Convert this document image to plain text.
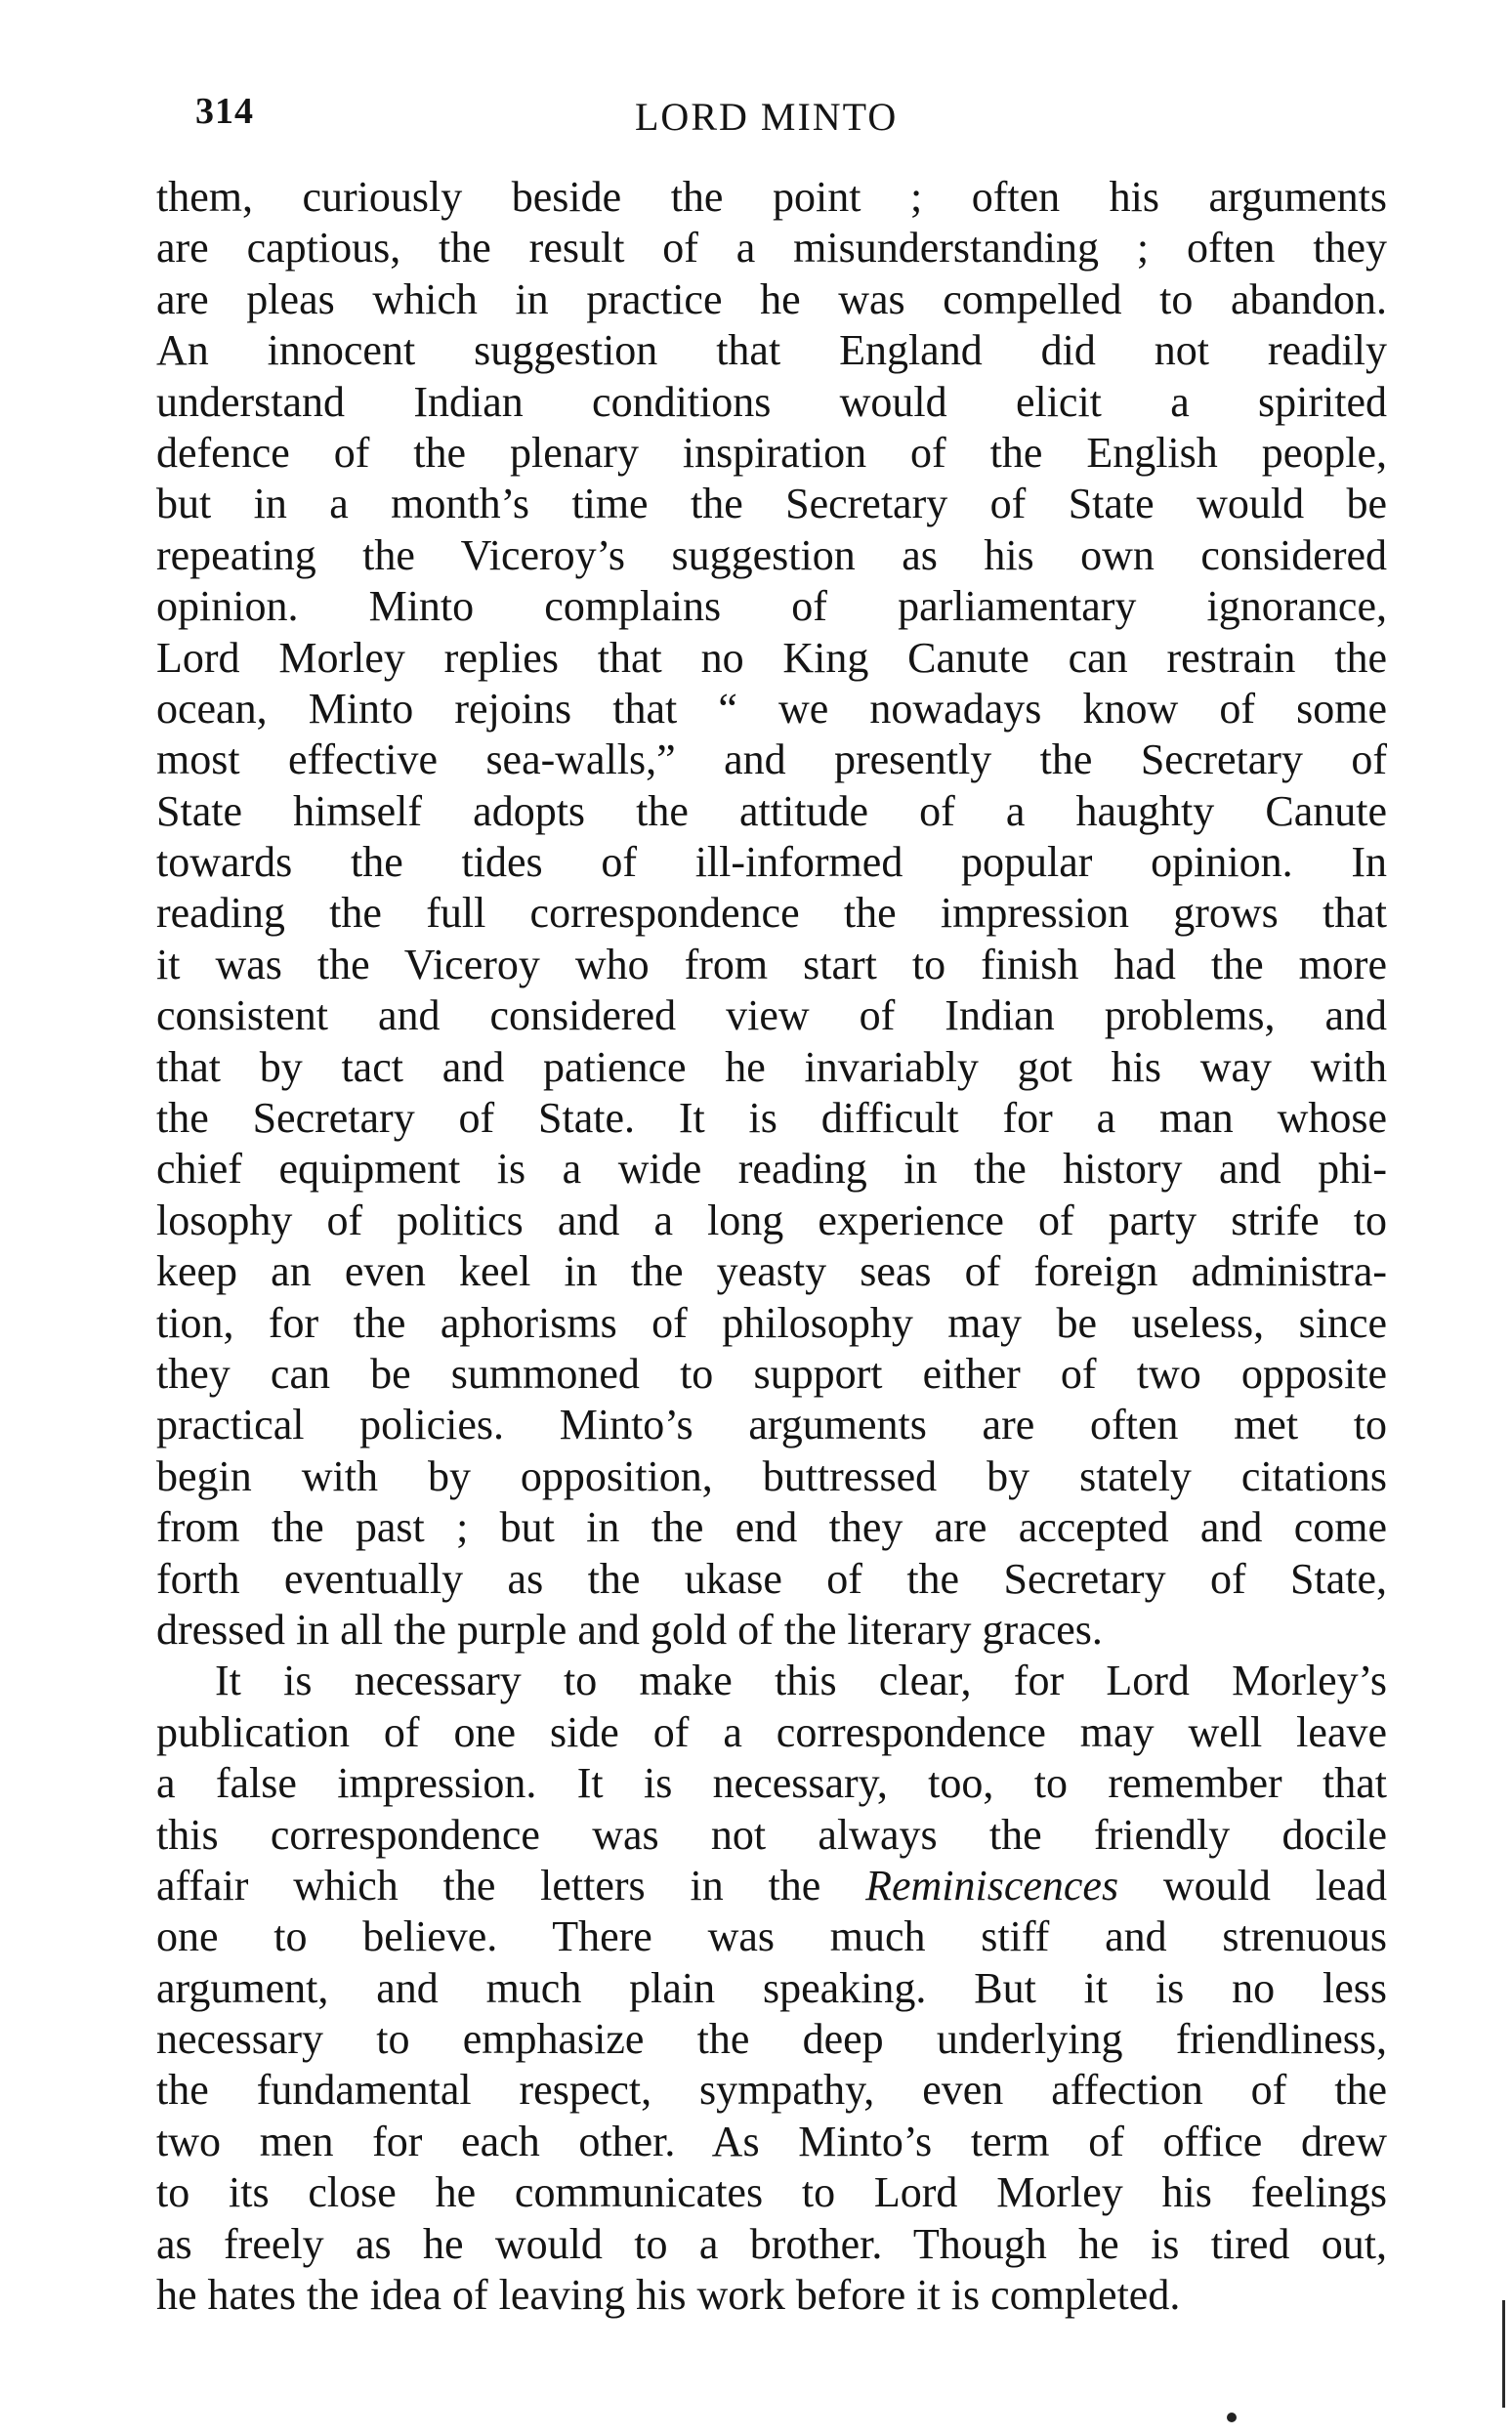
314	LORD MINTO
them, curiously beside the point ; often his arguments
are captious, the result of a misunderstanding ; often they
are pleas which in practice he was compelled to abandon.
An innocent suggestion that England did not readily
understand Indian conditions would elicit a spirited
defence of the plenary inspiration of the English people,
but in a month’s time the Secretary of State would be
repeating the Viceroy’s suggestion as his own considered
opinion. Minto complains of parliamentary ignorance,
Lord Morley replies that no King Canute can restrain the
ocean, Minto rejoins that “ we nowadays know of some
most effective sea-walls,” and presently the Secretary of
State himself adopts the attitude of a haughty Canute
towards the tides of ill-informed popular opinion. In
reading the full correspondence the impression grows that
it was the Viceroy who from start to finish had the more
consistent and considered view of Indian problems, and
that by tact and patience he invariably got his way with
the Secretary of State. It is difficult for a man whose
chief equipment is a wide reading in the history and phi-
losophy of politics and a long experience of party strife to
keep an even keel in the yeasty seas of foreign administra-
tion, for the aphorisms of philosophy may be useless, since
they can be summoned to support either of two opposite
practical policies. Minto’s arguments are often met to
begin with by opposition, buttressed by stately citations
from the past ; but in the end they are accepted and come
forth eventually as the ukase of the Secretary of State,
dressed in all the purple and gold of the literary graces.
It is necessary to make this clear, for Lord Morley’s
publication of one side of a correspondence may well leave
a false impression. It is necessary, too, to remember that
this correspondence was not always the friendly docile
affair which the letters in the Reminiscences would lead
one to believe. There was much stiff and strenuous
argument, and much plain speaking. But it is no less
necessary to emphasize the deep underlying friendliness,
the fundamental respect, sympathy, even affection of the
two men for each other. As Minto’s term of office drew
to its close he communicates to Lord Morley his feelings
as freely as he would to a brother. Though he is tired out,
he hates the idea of leaving his work before it is completed.
